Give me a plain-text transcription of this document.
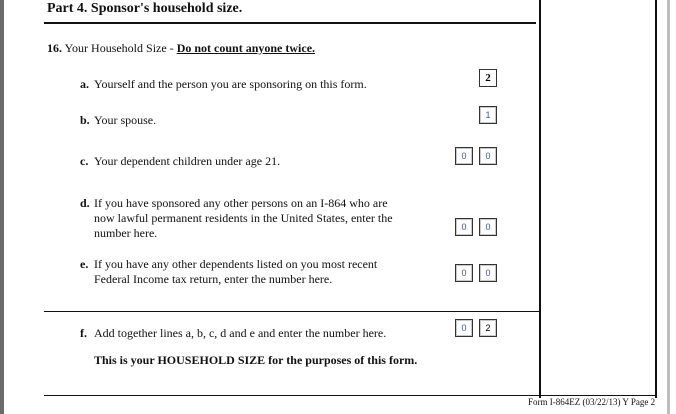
Part 4. Sponsor's household size.
16. Your Household Size - Do not count anyone twice.
a. Yourself and the person you are sponsoring on this form.	2
b. Your spouse.	1
c. Your dependent children under age 21.	0	0
d. If you have sponsored any other persons on an I-864 who are
now lawful permanent residents in the United States, enter the
number here.	0	0
e. If you have any other dependents listed on you most recent
Federal Income tax return, enter the number here.	0	0
f. Add together lines a, b, c, d and e and enter the number here.	0	2
This is your HOUSEHOLD SIZE for the purposes of this form.
Form I-864EZ (03/22/13) Y Page 2
